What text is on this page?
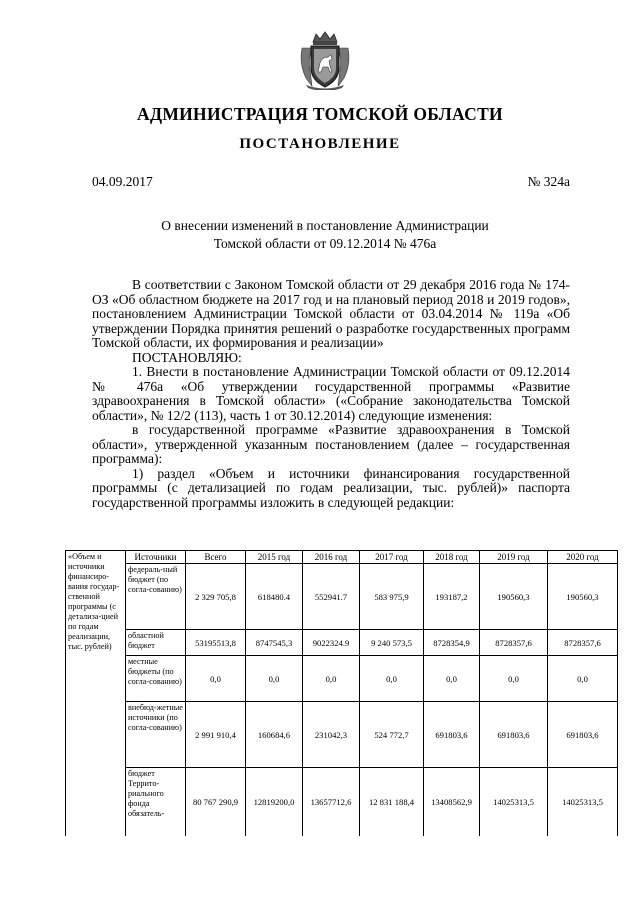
АДМИНИСТРАЦИЯ ТОМСКОЙ ОБЛАСТИ
ПОСТАНОВЛЕНИЕ
04.09.2017	№ 324а
О внесении изменений в постановление Администрации
Томской области от 09.12.2014 № 476а

В соответствии с Законом Томской области от 29 декабря 2016 года № 174-ОЗ «Об областном бюджете на 2017 год и на плановый период 2018 и 2019 годов», постановлением Администрации Томской области от 03.04.2014 № 119а «Об утверждении Порядка принятия решений о разработке государственных программ Томской области, их формирования и реализации»

ПОСТАНОВЛЯЮ:

1. Внести в постановление Администрации Томской области от 09.12.2014 № 476а «Об утверждении государственной программы «Развитие здравоохранения в Томской области» («Собрание законодательства Томской области», № 12/2 (113), часть 1 от 30.12.2014) следующие изменения:

в государственной программе «Развитие здравоохранения в Томской области», утвержденной указанным постановлением (далее – государственная программа):

1) раздел «Объем и источники финансирования государственной программы (с детализацией по годам реализации, тыс. рублей)» паспорта государственной программы изложить в следующей редакции:

«Объем и источники финансиро-вания государ-ственной программы (с детализа-цией по годам реализации, тыс. рублей)	Источники	Всего	2015 год	2016 год	2017 год	2018 год	2019 год	2020 год
	федераль-ный бюджет (по согла-сованию)	2 329 705,8	618480.4	552941.7	583 975,9	193187,2	190560,3	190560,3
	областной бюджет	53195513,8	8747545,3	9022324.9	9 240 573,5	8728354,9	8728357,6	8728357,6
	местные бюджеты (по согла-сованию)	0,0	0,0	0,0	0,0	0,0	0,0	0,0
	внебюд-жетные источники (по согла-сованию)	2 991 910,4	160684,6	231042,3	524 772,7	691803,6	691803,6	691803,6
	бюджет Террито-риального фонда обязатель-	80 767 290,9	12819200,0	13657712,6	12 831 188,4	13408562,9	14025313,5	14025313,5
